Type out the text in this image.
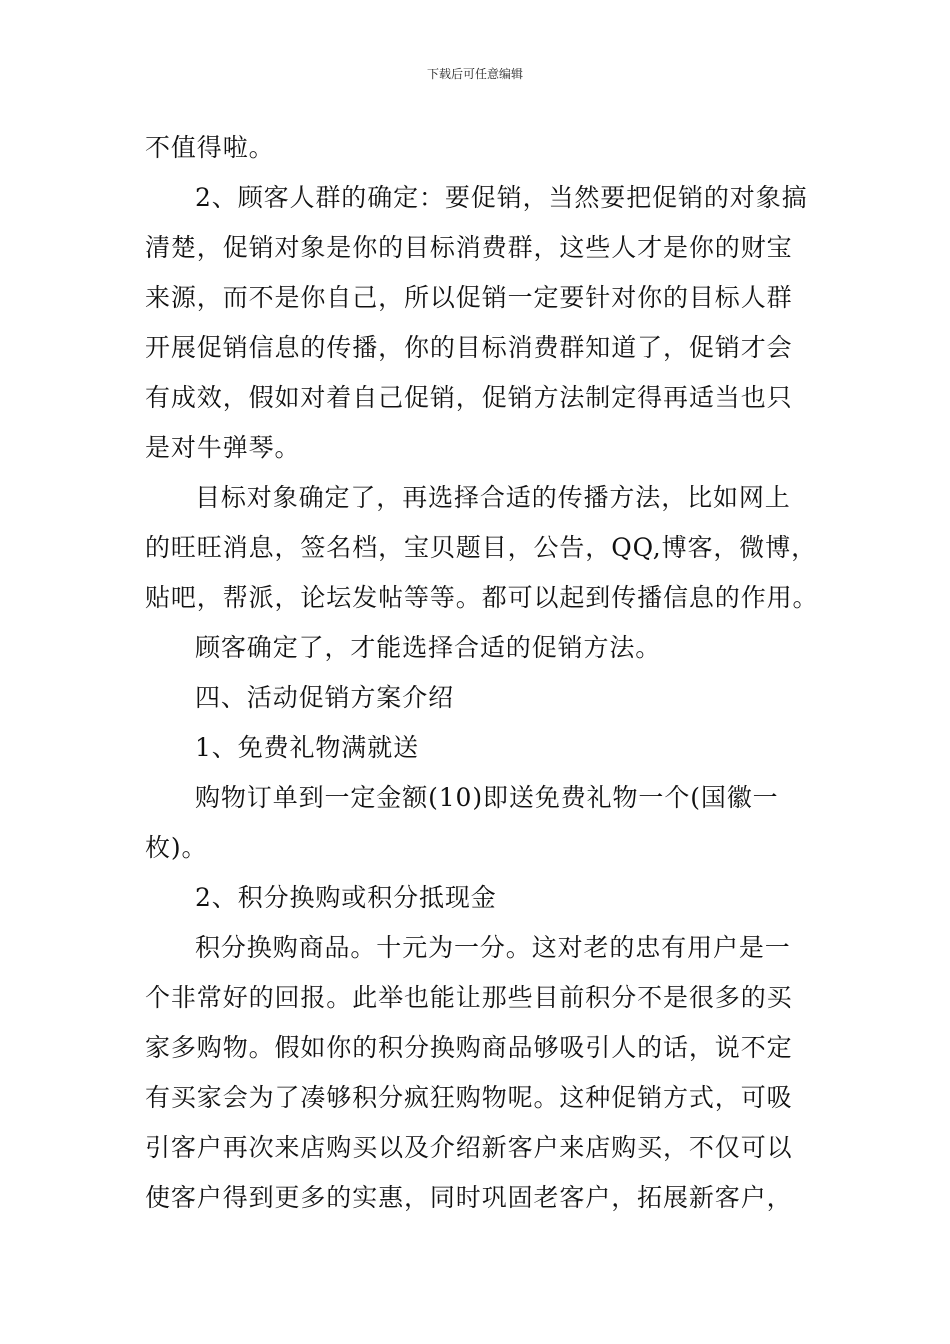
下载后可任意编辑
不值得啦。
2、顾客人群的确定：要促销，当然要把促销的对象搞
清楚，促销对象是你的目标消费群，这些人才是你的财宝
来源，而不是你自己，所以促销一定要针对你的目标人群
开展促销信息的传播，你的目标消费群知道了，促销才会
有成效，假如对着自己促销，促销方法制定得再适当也只
是对牛弹琴。
目标对象确定了，再选择合适的传播方法，比如网上
的旺旺消息，签名档，宝贝题目，公告，QQ,博客，微博，
贴吧，帮派，论坛发帖等等。都可以起到传播信息的作用。
顾客确定了，才能选择合适的促销方法。
四、活动促销方案介绍
1、免费礼物满就送
购物订单到一定金额(10)即送免费礼物一个(国徽一
枚)。
2、积分换购或积分抵现金
积分换购商品。十元为一分。这对老的忠有用户是一
个非常好的回报。此举也能让那些目前积分不是很多的买
家多购物。假如你的积分换购商品够吸引人的话，说不定
有买家会为了凑够积分疯狂购物呢。这种促销方式，可吸
引客户再次来店购买以及介绍新客户来店购买，不仅可以
使客户得到更多的实惠，同时巩固老客户，拓展新客户，
